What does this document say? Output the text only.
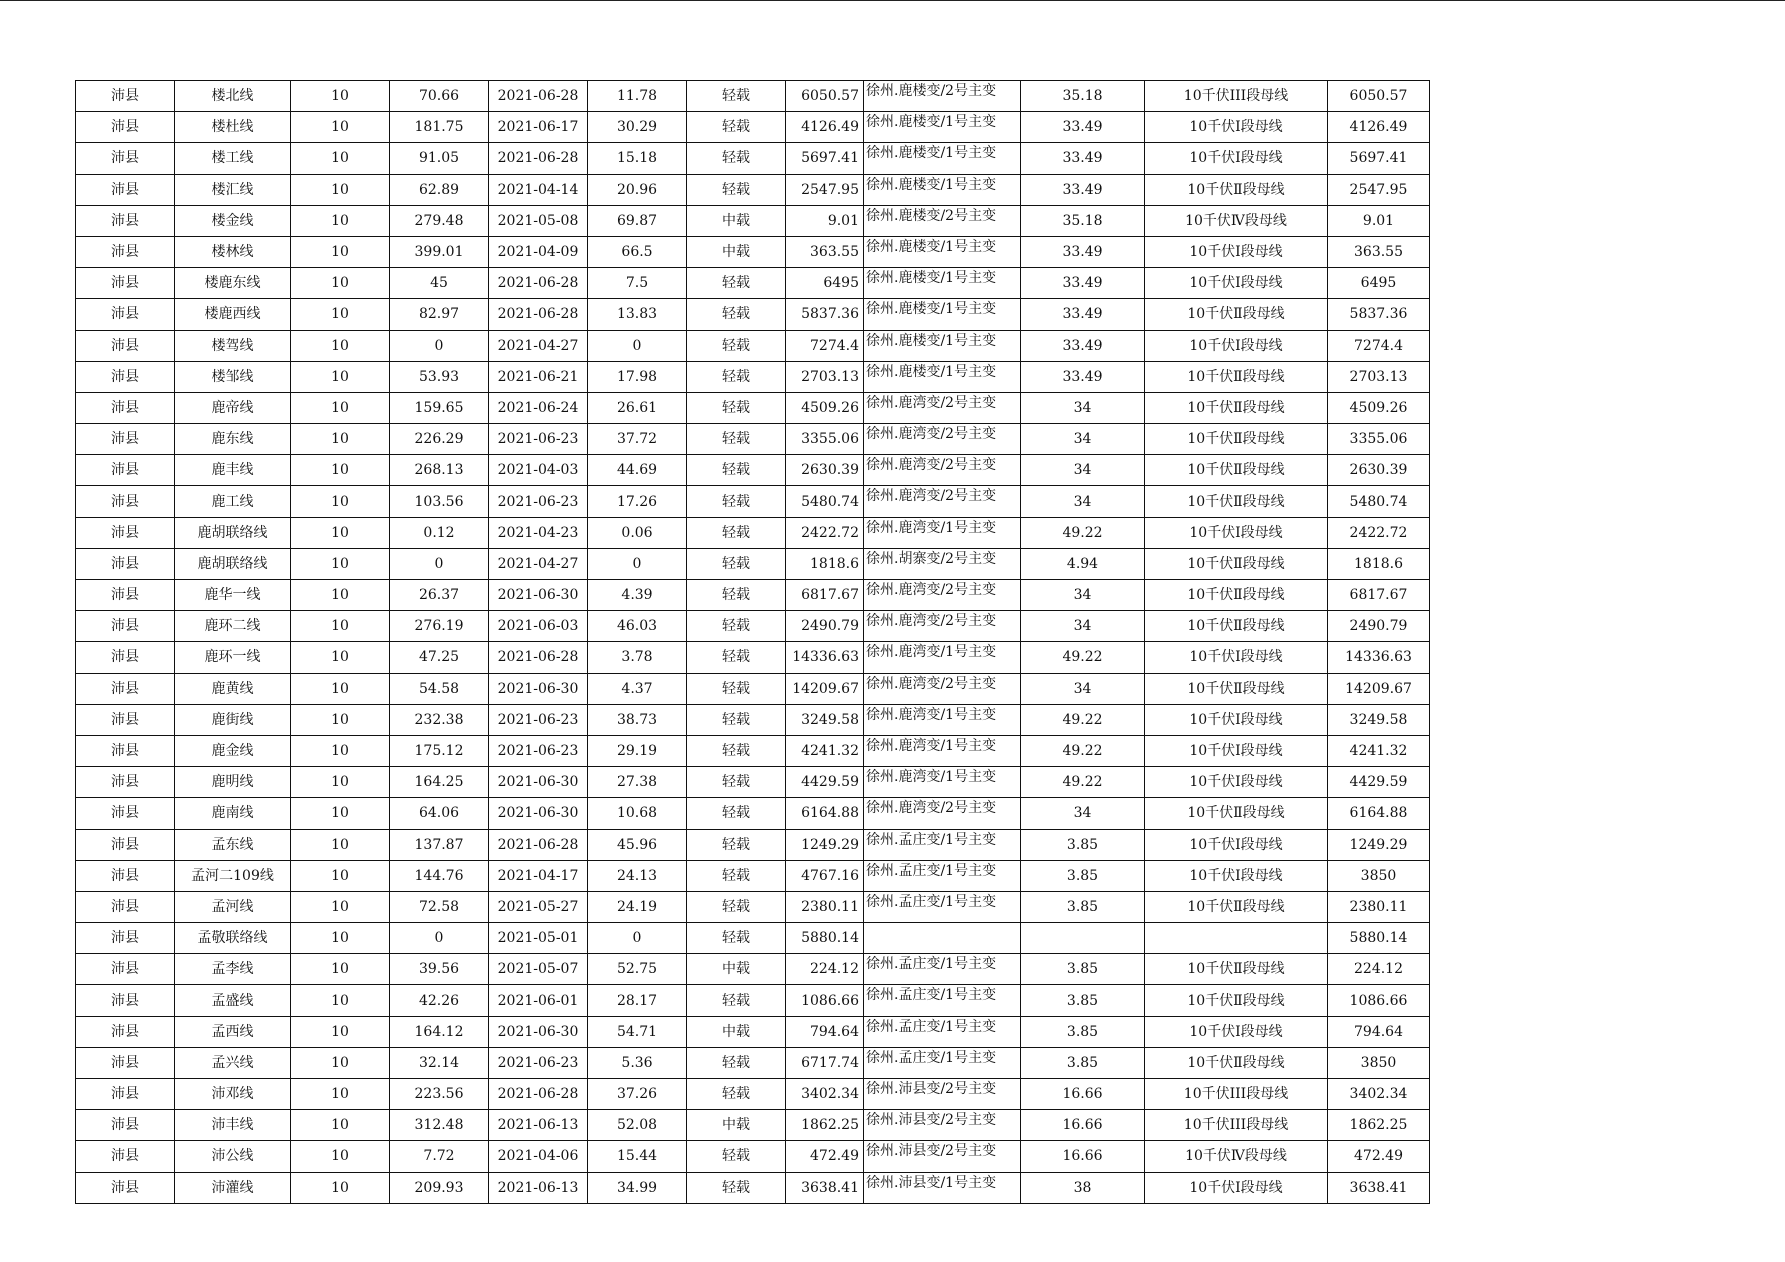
沛县	楼北线	10	70.66	2021-06-28	11.78	轻载	6050.57	徐州.鹿楼变/2号主变	35.18	10千伏III段母线	6050.57
沛县	楼杜线	10	181.75	2021-06-17	30.29	轻载	4126.49	徐州.鹿楼变/1号主变	33.49	10千伏Ⅰ段母线	4126.49
沛县	楼工线	10	91.05	2021-06-28	15.18	轻载	5697.41	徐州.鹿楼变/1号主变	33.49	10千伏Ⅰ段母线	5697.41
沛县	楼汇线	10	62.89	2021-04-14	20.96	轻载	2547.95	徐州.鹿楼变/1号主变	33.49	10千伏Ⅱ段母线	2547.95
沛县	楼金线	10	279.48	2021-05-08	69.87	中载	9.01	徐州.鹿楼变/2号主变	35.18	10千伏Ⅳ段母线	9.01
沛县	楼林线	10	399.01	2021-04-09	66.5	中载	363.55	徐州.鹿楼变/1号主变	33.49	10千伏Ⅰ段母线	363.55
沛县	楼鹿东线	10	45	2021-06-28	7.5	轻载	6495	徐州.鹿楼变/1号主变	33.49	10千伏Ⅰ段母线	6495
沛县	楼鹿西线	10	82.97	2021-06-28	13.83	轻载	5837.36	徐州.鹿楼变/1号主变	33.49	10千伏Ⅱ段母线	5837.36
沛县	楼驾线	10	0	2021-04-27	0	轻载	7274.4	徐州.鹿楼变/1号主变	33.49	10千伏Ⅰ段母线	7274.4
沛县	楼邹线	10	53.93	2021-06-21	17.98	轻载	2703.13	徐州.鹿楼变/1号主变	33.49	10千伏Ⅱ段母线	2703.13
沛县	鹿帝线	10	159.65	2021-06-24	26.61	轻载	4509.26	徐州.鹿湾变/2号主变	34	10千伏Ⅱ段母线	4509.26
沛县	鹿东线	10	226.29	2021-06-23	37.72	轻载	3355.06	徐州.鹿湾变/2号主变	34	10千伏Ⅱ段母线	3355.06
沛县	鹿丰线	10	268.13	2021-04-03	44.69	轻载	2630.39	徐州.鹿湾变/2号主变	34	10千伏Ⅱ段母线	2630.39
沛县	鹿工线	10	103.56	2021-06-23	17.26	轻载	5480.74	徐州.鹿湾变/2号主变	34	10千伏Ⅱ段母线	5480.74
沛县	鹿胡联络线	10	0.12	2021-04-23	0.06	轻载	2422.72	徐州.鹿湾变/1号主变	49.22	10千伏Ⅰ段母线	2422.72
沛县	鹿胡联络线	10	0	2021-04-27	0	轻载	1818.6	徐州.胡寨变/2号主变	4.94	10千伏Ⅱ段母线	1818.6
沛县	鹿华一线	10	26.37	2021-06-30	4.39	轻载	6817.67	徐州.鹿湾变/2号主变	34	10千伏Ⅱ段母线	6817.67
沛县	鹿环二线	10	276.19	2021-06-03	46.03	轻载	2490.79	徐州.鹿湾变/2号主变	34	10千伏Ⅱ段母线	2490.79
沛县	鹿环一线	10	47.25	2021-06-28	3.78	轻载	14336.63	徐州.鹿湾变/1号主变	49.22	10千伏Ⅰ段母线	14336.63
沛县	鹿黄线	10	54.58	2021-06-30	4.37	轻载	14209.67	徐州.鹿湾变/2号主变	34	10千伏Ⅱ段母线	14209.67
沛县	鹿街线	10	232.38	2021-06-23	38.73	轻载	3249.58	徐州.鹿湾变/1号主变	49.22	10千伏Ⅰ段母线	3249.58
沛县	鹿金线	10	175.12	2021-06-23	29.19	轻载	4241.32	徐州.鹿湾变/1号主变	49.22	10千伏Ⅰ段母线	4241.32
沛县	鹿明线	10	164.25	2021-06-30	27.38	轻载	4429.59	徐州.鹿湾变/1号主变	49.22	10千伏Ⅰ段母线	4429.59
沛县	鹿南线	10	64.06	2021-06-30	10.68	轻载	6164.88	徐州.鹿湾变/2号主变	34	10千伏Ⅱ段母线	6164.88
沛县	孟东线	10	137.87	2021-06-28	45.96	轻载	1249.29	徐州.孟庄变/1号主变	3.85	10千伏Ⅰ段母线	1249.29
沛县	孟河二109线	10	144.76	2021-04-17	24.13	轻载	4767.16	徐州.孟庄变/1号主变	3.85	10千伏Ⅰ段母线	3850
沛县	孟河线	10	72.58	2021-05-27	24.19	轻载	2380.11	徐州.孟庄变/1号主变	3.85	10千伏Ⅱ段母线	2380.11
沛县	孟敬联络线	10	0	2021-05-01	0	轻载	5880.14				5880.14
沛县	孟李线	10	39.56	2021-05-07	52.75	中载	224.12	徐州.孟庄变/1号主变	3.85	10千伏Ⅱ段母线	224.12
沛县	孟盛线	10	42.26	2021-06-01	28.17	轻载	1086.66	徐州.孟庄变/1号主变	3.85	10千伏Ⅱ段母线	1086.66
沛县	孟西线	10	164.12	2021-06-30	54.71	中载	794.64	徐州.孟庄变/1号主变	3.85	10千伏Ⅰ段母线	794.64
沛县	孟兴线	10	32.14	2021-06-23	5.36	轻载	6717.74	徐州.孟庄变/1号主变	3.85	10千伏Ⅱ段母线	3850
沛县	沛邓线	10	223.56	2021-06-28	37.26	轻载	3402.34	徐州.沛县变/2号主变	16.66	10千伏III段母线	3402.34
沛县	沛丰线	10	312.48	2021-06-13	52.08	中载	1862.25	徐州.沛县变/2号主变	16.66	10千伏III段母线	1862.25
沛县	沛公线	10	7.72	2021-04-06	15.44	轻载	472.49	徐州.沛县变/2号主变	16.66	10千伏Ⅳ段母线	472.49
沛县	沛灌线	10	209.93	2021-06-13	34.99	轻载	3638.41	徐州.沛县变/1号主变	38	10千伏Ⅰ段母线	3638.41
